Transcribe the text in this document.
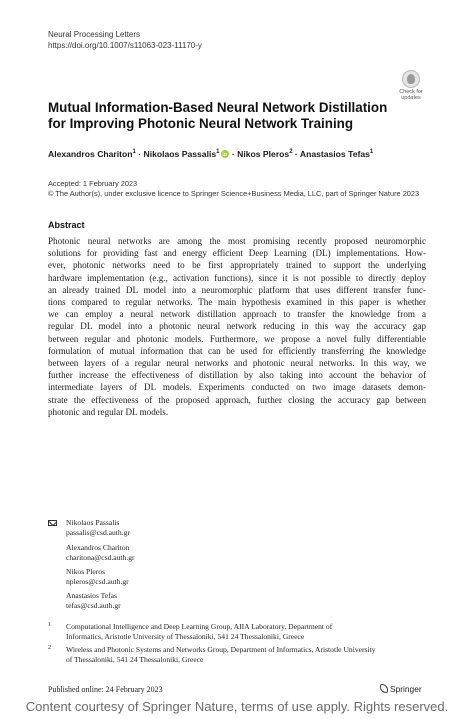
Neural Processing Letters
https://doi.org/10.1007/s11063-023-11170-y
Check for
updates
Mutual Information-Based Neural Network Distillation for Improving Photonic Neural Network Training
Alexandros Chariton$^1$ · Nikolaos Passalis$^1$iD · Nikos Pleros$^2$ · Anastasios Tefas$^1$
Accepted: 1 February 2023
© The Author(s), under exclusive licence to Springer Science+Business Media, LLC, part of Springer Nature 2023
Abstract
Photonic neural networks are among the most promising recently proposed neuromorphic
solutions for providing fast and energy efficient Deep Learning (DL) implementations. How-
ever, photonic networks need to be first appropriately trained to support the underlying
hardware implementation (e.g., activation functions), since it is not possible to directly deploy
an already trained DL model into a neuromorphic platform that uses different transfer func-
tions compared to regular networks. The main hypothesis examined in this paper is whether
we can employ a neural network distillation approach to transfer the knowledge from a
regular DL model into a photonic neural network reducing in this way the accuracy gap
between regular and photonic models. Furthermore, we propose a novel fully differentiable
formulation of mutual information that can be used for efficiently transferring the knowledge
between layers of a regular neural networks and photonic neural networks. In this way, we
further increase the effectiveness of distillation by also taking into account the behavior of
intermediate layers of DL models. Experiments conducted on two image datasets demon-
strate the effectiveness of the proposed approach, further closing the accuracy gap between
photonic and regular DL models.
Nikolaos Passalis
passalis@csd.auth.gr
Alexandros Chariton
charitona@csd.auth.gr
Nikos Pleros
npleros@csd.auth.gr
Anastasios Tefas
tefas@csd.auth.gr
1 Computational Intelligence and Deep Learning Group, AIIA Laboratory, Department of
Informatics, Aristotle University of Thessaloniki, 541 24 Thessaloniki, Greece
2 Wireless and Photonic Systems and Networks Group, Department of Informatics, Aristotle University
of Thessaloniki, 541 24 Thessaloniki, Greece
Published online: 24 February 2023	Springer
Content courtesy of Springer Nature, terms of use apply. Rights reserved.
